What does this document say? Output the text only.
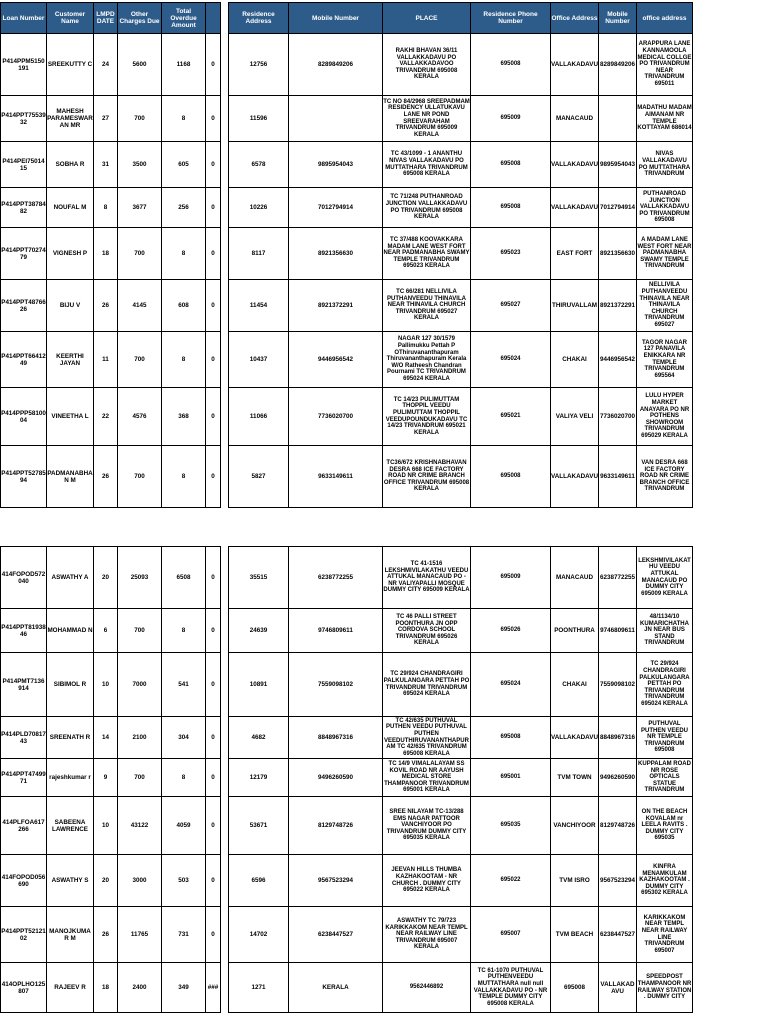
Loan Number	Customer Name	LMPD DATE	Other Charges Due	Total Overdue Amount			Residence Address	Mobile Number	PLACE	Residence Phone Number	Office Address	Mobile Number	office address
P414PPM5150191	SREEKUTTY C	24	5600	1168	0		12756	8289849206	RAKHI BHAVAN 36/11 VALLAKKADAVU PO VALLAKKADAVOO TRIVANDRUM 695008 KERALA	695008	VALLAKADAVU	8289849206	ARAPPURA LANE KANNAMOOLA MEDICAL COLLGE PO TRIVANDRUM NEAR TRIVANDRUM 695011
P414PPT7553932	MAHESH PARAMESWARAN MR	27	700	8	0		11596		TC NO 84/2968 SREEPADMAM RESIDENCY ULLATUKAVU LANE NR POND SREEVARAHAM TRIVANDRUM 695009 KERALA	695009	MANACAUD		MADATHU MADAM AIMANAM NR TEMPLE KOTTAYAM 686014
P414PEI7501415	SOBHA R	31	3500	605	0		6578	9895954043	TC 43/1099 - 1 ANANTHU NIVAS VALLAKADAVU PO MUTTATHARA TRIVANDRUM 695008 KERALA	695008	VALLAKADAVU	9895954043	NIVAS VALLAKADAVU PO MUTTATHARA TRIVANDRUM
P414PPT3878482	NOUFAL M	8	3677	256	0		10226	7012794914	TC 71/248 PUTHANROAD JUNCTION VALLAKKADAVU PO TRIVANDRUM 695008 KERALA	695008	VALLAKADAVU	7012794914	PUTHANROAD JUNCTION VALLAKKADAVU PO TRIVANDRUM 695008
P414PPT7027479	VIGNESH P	18	700	8	0		8117	8921356630	TC 37/488 KOOVAKKARA MADAM LANE WEST FORT NEAR PADMANABHA SWAMY TEMPLE TRIVANDRUM 695023 KERALA	695023	EAST FORT	8921356630	A MADAM LANE WEST FORT NEAR PADMANABHA SWAMY TEMPLE TRIVANDRUM
P414PPT4876626	BIJU V	26	4145	608	0		11454	8921372291	TC 66/281 NELLIVILA PUTHANVEEDU THINAVILA NEAR THINAVILA CHURCH TRIVANDRUM 695027 KERALA	695027	THIRUVALLAM	8921372291	NELLIVILA PUTHANVEEDU THINAVILA NEAR THINAVILA CHURCH TRIVANDRUM 695027
P414PPT6641249	KEERTHI JAYAN	11	700	8	0		10437	9446956542	NAGAR 127 30/1579 Pallimukku Pettah P OThiruvananthapuram Thiruvananthapuram Kerala W/O Ratheesh Chandran Pournami TC TRIVANDRUM 695024 KERALA	695024	CHAKAI	9446956542	TAGOR NAGAR 127 PANAVILA ENIKKARA NR TEMPLE TRIVANDRUM 695564
P414PPP5810004	VINEETHA L	22	4576	368	0		11066	7736020700	TC 14/23 PULIMUTTAM THOPPIL VEEDU PULIMUTTAM THOPPIL VEEDUPOUNDUKADAVU TC 14/23 TRIVANDRUM 695021 KERALA	695021	VALIYA VELI	7736020700	LULU HYPER MARKET ANAYARA PO NR POTHENS SHOWROOM TRIVANDRUM 695029 KERALA
P414PPT5278594	PADMANABHAN M	26	700	8	0		5827	9633149611	TC36/672 KRISHNABHAVAN DESRA 668 ICE FACTORY ROAD NR CRIME BRANCH OFFICE TRIVANDRUM 695008 KERALA	695008	VALLAKADAVU	9633149611	VAN DESRA 668 ICE FACTORY ROAD NR CRIME BRANCH OFFICE TRIVANDRUM
414FOPOD572040	ASWATHY A	20	25093	6508	0		35515	6238772255	TC 41-1516 LEKSHMIVILAKATHU VEEDU ATTUKAL MANACAUD PO - NR VALIYAPALLI MOSQUE DUMMY CITY 695009 KERALA	695009	MANACAUD	6238772255	LEKSHMIVILAKATHU VEEDU ATTUKAL MANACAUD PO DUMMY CITY 695009 KERALA
P414PPT8193846	MOHAMMAD N	6	700	8	0		24639	9746809611	TC 46 PALLI STREET POONTHURA JN OPP CORDOVA SCHOOL TRIVANDRUM 695026 KERALA	695026	POONTHURA	9746809611	48/1134/10 KUMARICHATHA JN NEAR BUS STAND TRIVANDRUM
P414PMT7136914	SIBIMOL R	10	7000	541	0		10891	7559098102	TC 29/924 CHANDRAGIRI PALKULANGARA PETTAH PO TRIVANDRUM TRIVANDRUM 695024 KERALA	695024	CHAKAI	7559098102	TC 29/924 CHANDRAGIRI PALKULANGARA PETTAH PO TRIVANDRUM TRIVANDRUM 695024 KERALA
P414PLD7081743	SREENATH R	14	2100	304	0		4682	8848967316	TC 42/635 PUTHUVAL PUTHEN VEEDU PUTHUVAL PUTHEN VEEDUTHIRUVANANTHAPURAM TC 42/635 TRIVANDRUM 695008 KERALA	695008	VALLAKADAVU	8848967316	PUTHUVAL PUTHEN VEEDU NR TEMPLE TRIVANDRUM 695008
P414PPT4749971	rajeshkumar r	9	700	8	0		12179	9496260590	TC 14/9 VIMALALAYAM SS KOVIL ROAD NR AAYUSH MEDICAL STORE THAMPANOOR TRIVANDRUM 695001 KERALA	695001	TVM TOWN	9496260590	KUPPALAM ROAD NR ROSE OPTICALS STATUE TRIVANDRUM
414PLFOA617266	SABEENA LAWRENCE	10	43122	4059	0		53671	8129748726	SREE NILAYAM TC-13/288 EMS NAGAR PATTOOR VANCHIYOOR PO TRIVANDRUM DUMMY CITY 695035 KERALA	695035	VANCHIYOOR	8129748726	ON THE BEACH KOVALAM nr LEELA RAVITS . DUMMY CITY 695035
414FOPOD056690	ASWATHY S	20	3000	503	0		6596	9567523294	JEEVAN HILLS THUMBA KAZHAKOOTAM - NR CHURCH . DUMMY CITY 695022 KERALA	695022	TVM ISRO	9567523294	KINFRA MENAMKULAM KAZHAKOOTAM . DUMMY CITY 695302 KERALA
P414PPT5212102	MANOJKUMAR M	26	11765	731	0		14702	6238447527	ASWATHY TC 79/723 KARIKKAKOM NEAR TEMPL NEAR RAILWAY LINE TRIVANDRUM 695007 KERALA	695007	TVM BEACH	6238447527	KARIKKAKOM NEAR TEMPL NEAR RAILWAY LINE TRIVANDRUM 695007
414OPLHO125807	RAJEEV R	18	2400	349	###		1271	KERALA	9562446892	TC 61-1070 PUTHUVAL PUTHENVEEDU MUTTATHARA null null VALLAKKADAVU PO - NR TEMPLE DUMMY CITY 695008 KERALA	695008	VALLAKADAVU	SPEEDPOST THAMPANOOR NR RAILWAY STATION . DUMMY CITY
